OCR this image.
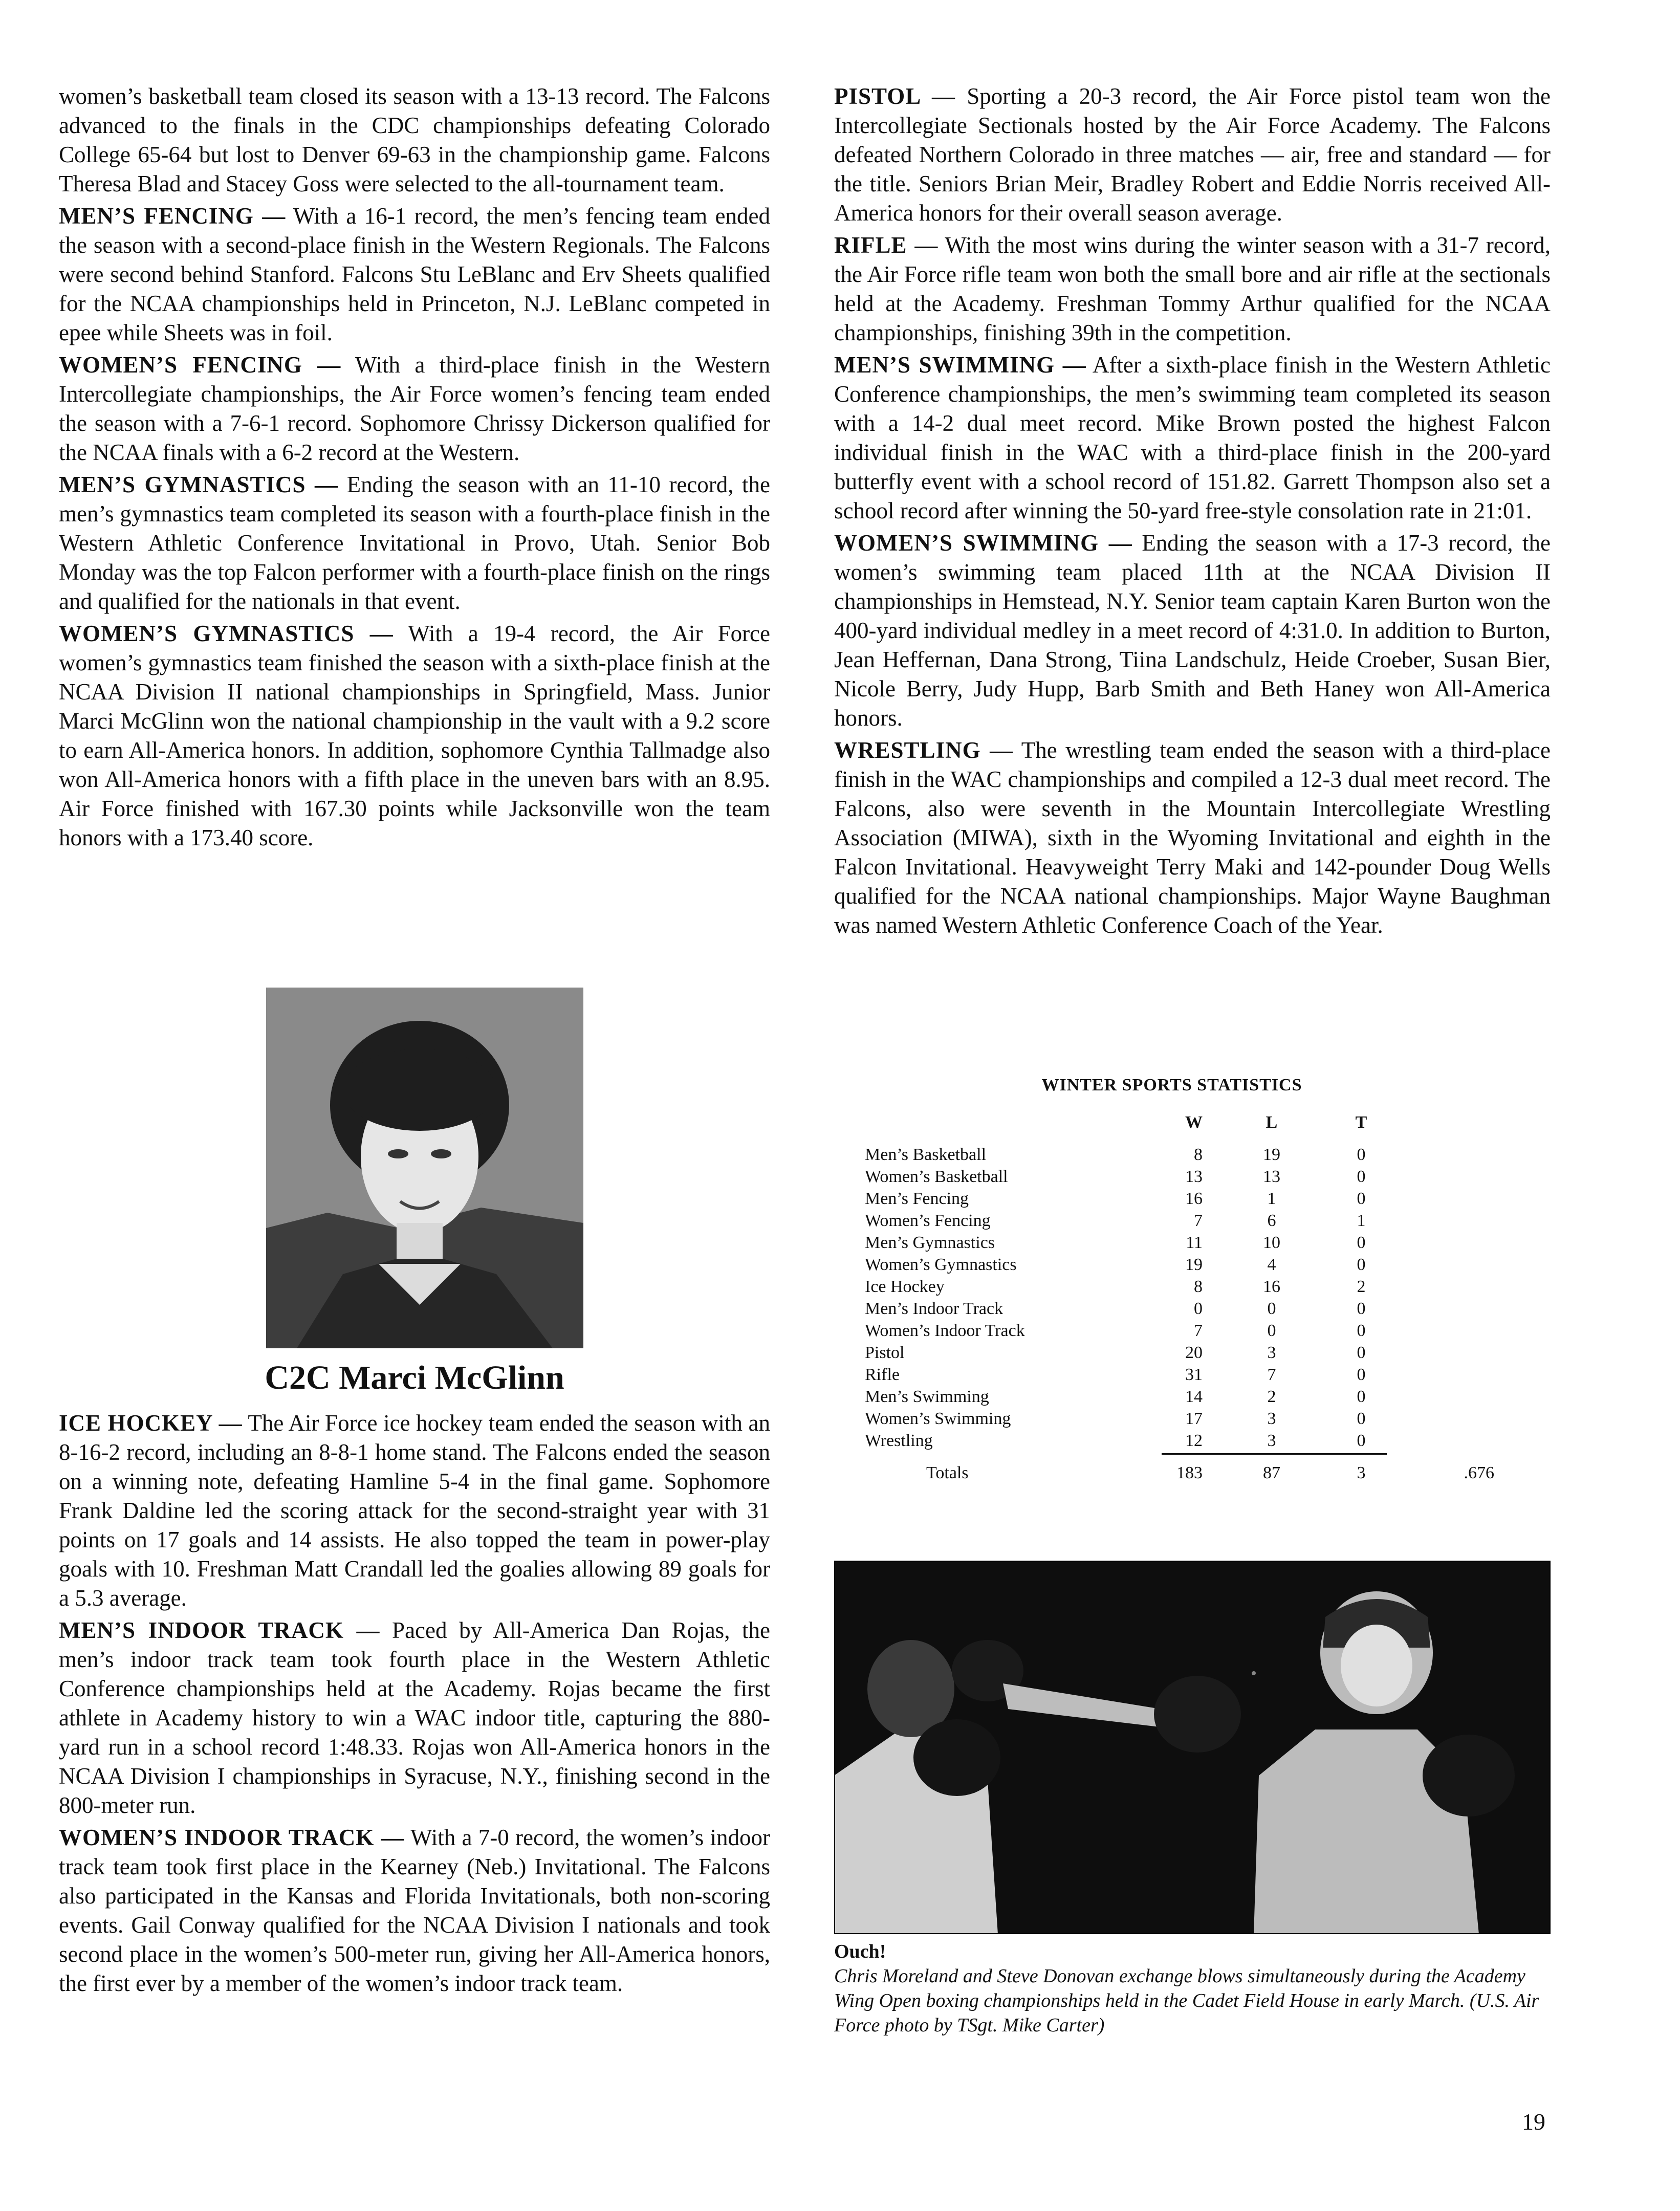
women’s basketball team closed its season with a 13-13 record. The Falcons advanced to the finals in the CDC championships defeating Colorado College 65-64 but lost to Denver 69-63 in the championship game. Falcons Theresa Blad and Stacey Goss were selected to the all-tournament team.

MEN’S FENCING — With a 16-1 record, the men’s fencing team ended the season with a second-place finish in the Western Regionals. The Falcons were second behind Stanford. Falcons Stu LeBlanc and Erv Sheets qualified for the NCAA championships held in Princeton, N.J. LeBlanc competed in epee while Sheets was in foil.

WOMEN’S FENCING — With a third-place finish in the Western Intercollegiate championships, the Air Force women’s fencing team ended the season with a 7-6-1 record. Sophomore Chrissy Dickerson qualified for the NCAA finals with a 6-2 record at the Western.

MEN’S GYMNASTICS — Ending the season with an 11-10 record, the men’s gymnastics team completed its season with a fourth-place finish in the Western Athletic Conference Invitational in Provo, Utah. Senior Bob Monday was the top Falcon performer with a fourth-place finish on the rings and qualified for the nationals in that event.

WOMEN’S GYMNASTICS — With a 19-4 record, the Air Force women’s gymnastics team finished the season with a sixth-place finish at the NCAA Division II national championships in Springfield, Mass. Junior Marci McGlinn won the national championship in the vault with a 9.2 score to earn All-America honors. In addition, sophomore Cynthia Tallmadge also won All-America honors with a fifth place in the uneven bars with an 8.95. Air Force finished with 167.30 points while Jacksonville won the team honors with a 173.40 score.

C2C Marci McGlinn

ICE HOCKEY — The Air Force ice hockey team ended the season with an 8-16-2 record, including an 8-8-1 home stand. The Falcons ended the season on a winning note, defeating Hamline 5-4 in the final game. Sophomore Frank Daldine led the scoring attack for the second-straight year with 31 points on 17 goals and 14 assists. He also topped the team in power-play goals with 10. Freshman Matt Crandall led the goalies allowing 89 goals for a 5.3 average.

MEN’S INDOOR TRACK — Paced by All-America Dan Rojas, the men’s indoor track team took fourth place in the Western Athletic Conference championships held at the Academy. Rojas became the first athlete in Academy history to win a WAC indoor title, capturing the 880-yard run in a school record 1:48.33. Rojas won All-America honors in the NCAA Division I championships in Syracuse, N.Y., finishing second in the 800-meter run.

WOMEN’S INDOOR TRACK — With a 7-0 record, the women’s indoor track team took first place in the Kearney (Neb.) Invitational. The Falcons also participated in the Kansas and Florida Invitationals, both non-scoring events. Gail Conway qualified for the NCAA Division I nationals and took second place in the women’s 500-meter run, giving her All-America honors, the first ever by a member of the women’s indoor track team.

PISTOL — Sporting a 20-3 record, the Air Force pistol team won the Intercollegiate Sectionals hosted by the Air Force Academy. The Falcons defeated Northern Colorado in three matches — air, free and standard — for the title. Seniors Brian Meir, Bradley Robert and Eddie Norris received All-America honors for their overall season average.

RIFLE — With the most wins during the winter season with a 31-7 record, the Air Force rifle team won both the small bore and air rifle at the sectionals held at the Academy. Freshman Tommy Arthur qualified for the NCAA championships, finishing 39th in the competition.

MEN’S SWIMMING — After a sixth-place finish in the Western Athletic Conference championships, the men’s swimming team completed its season with a 14-2 dual meet record. Mike Brown posted the highest Falcon individual finish in the WAC with a third-place finish in the 200-yard butterfly event with a school record of 151.82. Garrett Thompson also set a school record after winning the 50-yard free-style consolation rate in 21:01.

WOMEN’S SWIMMING — Ending the season with a 17-3 record, the women’s swimming team placed 11th at the NCAA Division II championships in Hemstead, N.Y. Senior team captain Karen Burton won the 400-yard individual medley in a meet record of 4:31.0. In addition to Burton, Jean Heffernan, Dana Strong, Tiina Landschulz, Heide Croeber, Susan Bier, Nicole Berry, Judy Hupp, Barb Smith and Beth Haney won All-America honors.

WRESTLING — The wrestling team ended the season with a third-place finish in the WAC championships and compiled a 12-3 dual meet record. The Falcons, also were seventh in the Mountain Intercollegiate Wrestling Association (MIWA), sixth in the Wyoming Invitational and eighth in the Falcon Invitational. Heavyweight Terry Maki and 142-pounder Doug Wells qualified for the NCAA national championships. Major Wayne Baughman was named Western Athletic Conference Coach of the Year.

WINTER SPORTS STATISTICS
W	L	T
Men’s Basketball	8	19	0
Women’s Basketball	13	13	0
Men’s Fencing	16	1	0
Women’s Fencing	7	6	1
Men’s Gymnastics	11	10	0
Women’s Gymnastics	19	4	0
Ice Hockey	8	16	2
Men’s Indoor Track	0	0	0
Women’s Indoor Track	7	0	0
Pistol	20	3	0
Rifle	31	7	0
Men’s Swimming	14	2	0
Women’s Swimming	17	3	0
Wrestling	12	3	0
Totals	183	87	3	.676
Ouch!
Chris Moreland and Steve Donovan exchange blows simultaneously during the Academy Wing Open boxing championships held in the Cadet Field House in early March. (U.S. Air Force photo by TSgt. Mike Carter)
19
